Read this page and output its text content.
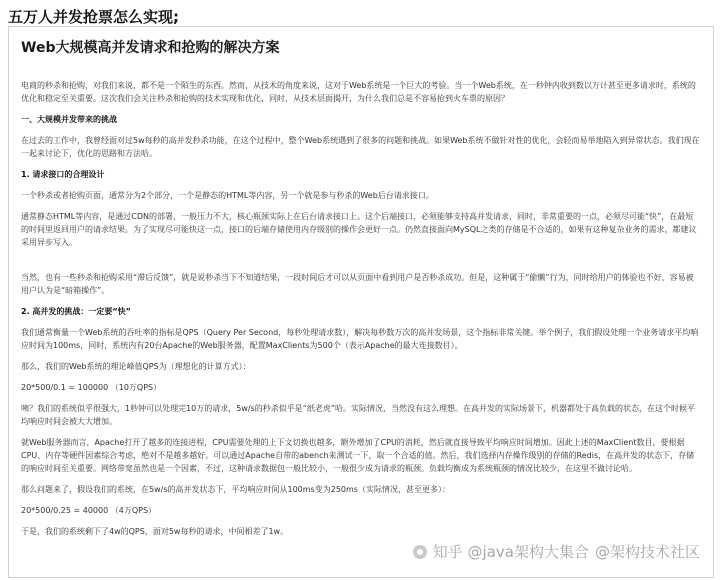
五万人并发抢票怎么实现;
Web大规模高并发请求和抢购的解决方案

电商的秒杀和抢购，对我们来说，都不是一个陌生的东西。然而，从技术的角度来说，这对于Web系统是一个巨大的考验。当一个Web系统，在一秒钟内收到数以万计甚至更多请求时，系统的优化和稳定至关重要。这次我们会关注秒杀和抢购的技术实现和优化，同时，从技术层面揭开，为什么我们总是不容易抢到火车票的原因？

一、大规模并发带来的挑战

在过去的工作中，我曾经面对过5w每秒的高并发秒杀功能，在这个过程中，整个Web系统遇到了很多的问题和挑战。如果Web系统不做针对性的优化，会轻而易举地陷入到异常状态。我们现在一起来讨论下，优化的思路和方法哈。

1. 请求接口的合理设计

一个秒杀或者抢购页面，通常分为2个部分，一个是静态的HTML等内容，另一个就是参与秒杀的Web后台请求接口。

通常静态HTML等内容，是通过CDN的部署，一般压力不大，核心瓶颈实际上在后台请求接口上。这个后端接口，必须能够支持高并发请求，同时，非常重要的一点，必须尽可能“快”，在最短的时间里返回用户的请求结果。为了实现尽可能快这一点，接口的后端存储使用内存级别的操作会更好一点。仍然直接面向MySQL之类的存储是不合适的，如果有这种复杂业务的需求，都建议采用异步写入。

当然，也有一些秒杀和抢购采用“滞后反馈”，就是说秒杀当下不知道结果，一段时间后才可以从页面中看到用户是否秒杀成功。但是，这种属于“偷懒”行为，同时给用户的体验也不好，容易被用户认为是“暗箱操作”。

2. 高并发的挑战：一定要“快”

我们通常衡量一个Web系统的吞吐率的指标是QPS（Query Per Second，每秒处理请求数），解决每秒数万次的高并发场景，这个指标非常关键。举个例子，我们假设处理一个业务请求平均响应时间为100ms，同时，系统内有20台Apache的Web服务器，配置MaxClients为500个（表示Apache的最大连接数目）。

那么，我们的Web系统的理论峰值QPS为（理想化的计算方式）：

20*500/0.1 = 100000 （10万QPS）

咦？我们的系统似乎很强大，1秒钟可以处理完10万的请求，5w/s的秒杀似乎是“纸老虎”哈。实际情况，当然没有这么理想。在高并发的实际场景下，机器都处于高负载的状态，在这个时候平均响应时间会被大大增加。

就Web服务器而言，Apache打开了越多的连接进程，CPU需要处理的上下文切换也越多，额外增加了CPU的消耗，然后就直接导致平均响应时间增加。因此上述的MaxClient数目，要根据CPU、内存等硬件因素综合考虑，绝对不是越多越好。可以通过Apache自带的abench来测试一下，取一个合适的值。然后，我们选择内存操作级别的存储的Redis，在高并发的状态下，存储的响应时间至关重要。网络带宽虽然也是一个因素，不过，这种请求数据包一般比较小，一般很少成为请求的瓶颈。负载均衡成为系统瓶颈的情况比较少，在这里不做讨论哈。

那么问题来了，假设我们的系统，在5w/s的高并发状态下，平均响应时间从100ms变为250ms（实际情况，甚至更多）：

20*500/0.25 = 40000 （4万QPS）

于是，我们的系统剩下了4w的QPS，面对5w每秒的请求，中间相差了1w。

知乎 @java架构大集合 @架构技术社区
